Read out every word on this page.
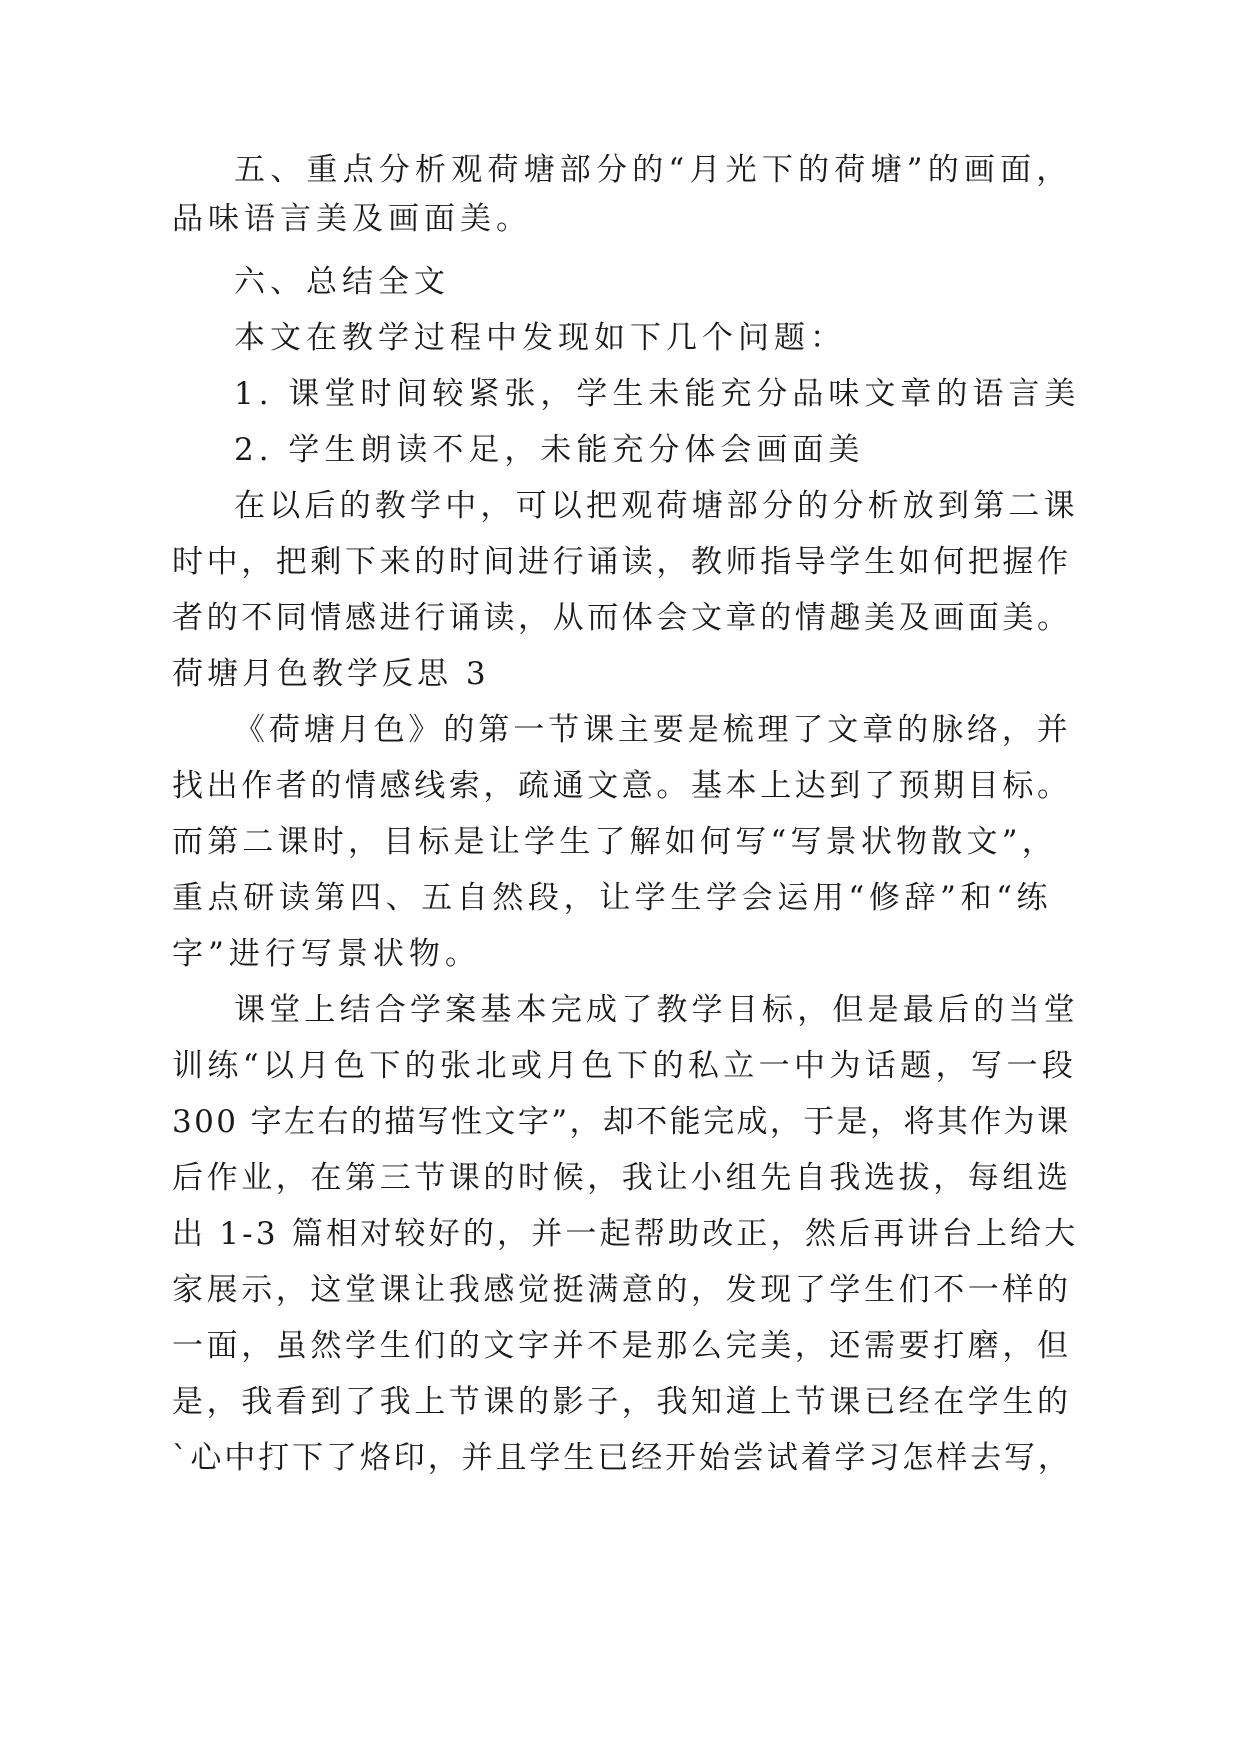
五、重点分析观荷塘部分的“月光下的荷塘”的画面，
品味语言美及画面美。
六、总结全文
本文在教学过程中发现如下几个问题：
1. 课堂时间较紧张，学生未能充分品味文章的语言美
2. 学生朗读不足，未能充分体会画面美
在以后的教学中，可以把观荷塘部分的分析放到第二课
时中，把剩下来的时间进行诵读，教师指导学生如何把握作
者的不同情感进行诵读，从而体会文章的情趣美及画面美。
荷塘月色教学反思 3
《荷塘月色》的第一节课主要是梳理了文章的脉络，并
找出作者的情感线索，疏通文意。基本上达到了预期目标。
而第二课时，目标是让学生了解如何写“写景状物散文”，
重点研读第四、五自然段，让学生学会运用“修辞”和“练
字”进行写景状物。
课堂上结合学案基本完成了教学目标，但是最后的当堂
训练“以月色下的张北或月色下的私立一中为话题，写一段
300 字左右的描写性文字”，却不能完成，于是，将其作为课
后作业，在第三节课的时候，我让小组先自我选拔，每组选
出 1-3 篇相对较好的，并一起帮助改正，然后再讲台上给大
家展示，这堂课让我感觉挺满意的，发现了学生们不一样的
一面，虽然学生们的文字并不是那么完美，还需要打磨，但
是，我看到了我上节课的影子，我知道上节课已经在学生的
`心中打下了烙印，并且学生已经开始尝试着学习怎样去写，
